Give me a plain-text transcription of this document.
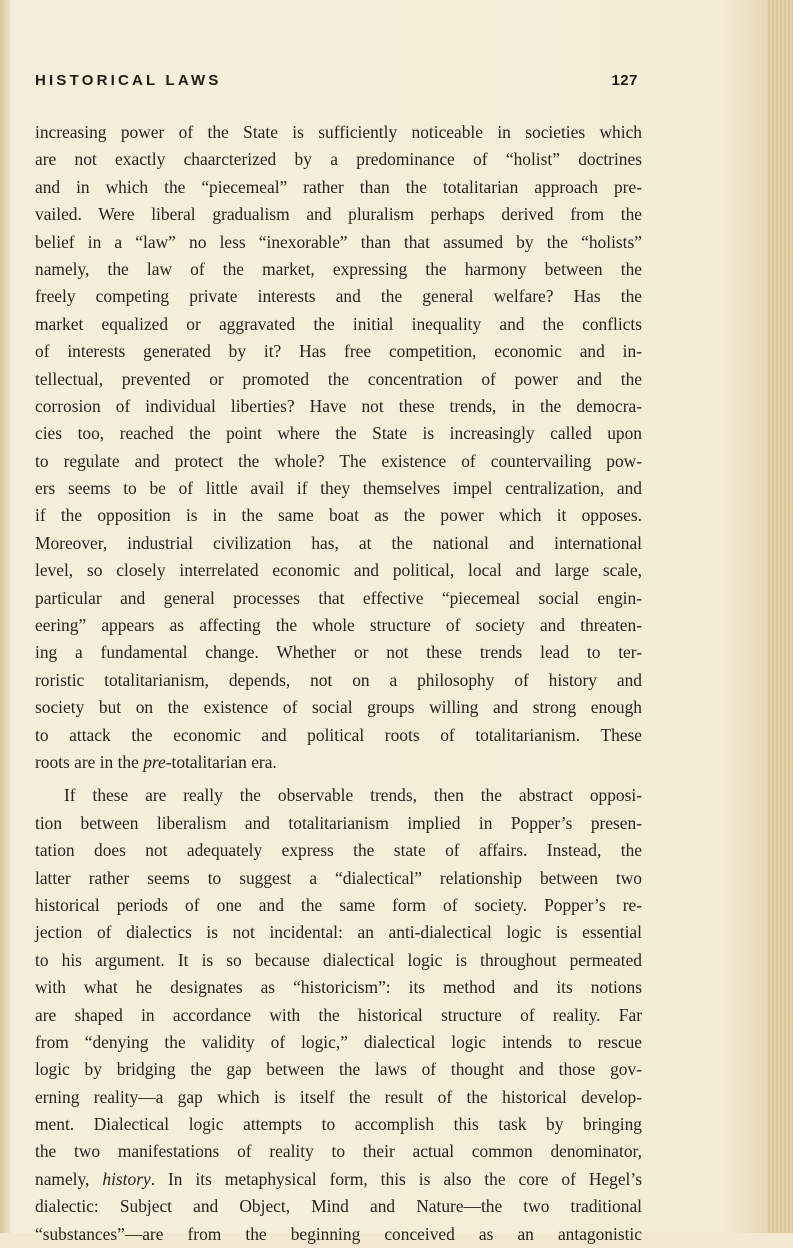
HISTORICAL LAWS	127
increasing power of the State is sufficiently noticeable in societies which
are not exactly chaarcterized by a predominance of “holist” doctrines
and in which the “piecemeal” rather than the totalitarian approach pre-
vailed. Were liberal gradualism and pluralism perhaps derived from the
belief in a “law” no less “inexorable” than that assumed by the “holists”
namely, the law of the market, expressing the harmony between the
freely competing private interests and the general welfare? Has the
market equalized or aggravated the initial inequality and the conflicts
of interests generated by it? Has free competition, economic and in-
tellectual, prevented or promoted the concentration of power and the
corrosion of individual liberties? Have not these trends, in the democra-
cies too, reached the point where the State is increasingly called upon
to regulate and protect the whole? The existence of countervailing pow-
ers seems to be of little avail if they themselves impel centralization, and
if the opposition is in the same boat as the power which it opposes.
Moreover, industrial civilization has, at the national and international
level, so closely interrelated economic and political, local and large scale,
particular and general processes that effective “piecemeal social engin-
eering” appears as affecting the whole structure of society and threaten-
ing a fundamental change. Whether or not these trends lead to ter-
roristic totalitarianism, depends, not on a philosophy of history and
society but on the existence of social groups willing and strong enough
to attack the economic and political roots of totalitarianism. These
roots are in the pre-totalitarian era.
If these are really the observable trends, then the abstract opposi-
tion between liberalism and totalitarianism implied in Popper’s presen-
tation does not adequately express the state of affairs. Instead, the
latter rather seems to suggest a “dialectical” relationship between two
historical periods of one and the same form of society. Popper’s re-
jection of dialectics is not incidental: an anti-dialectical logic is essential
to his argument. It is so because dialectical logic is throughout permeated
with what he designates as “historicism”: its method and its notions
are shaped in accordance with the historical structure of reality. Far
from “denying the validity of logic,” dialectical logic intends to rescue
logic by bridging the gap between the laws of thought and those gov-
erning reality—a gap which is itself the result of the historical develop-
ment. Dialectical logic attempts to accomplish this task by bringing
the two manifestations of reality to their actual common denominator,
namely, history. In its metaphysical form, this is also the core of Hegel’s
dialectic: Subject and Object, Mind and Nature—the two traditional
“substances”—are from the beginning conceived as an antagonistic
